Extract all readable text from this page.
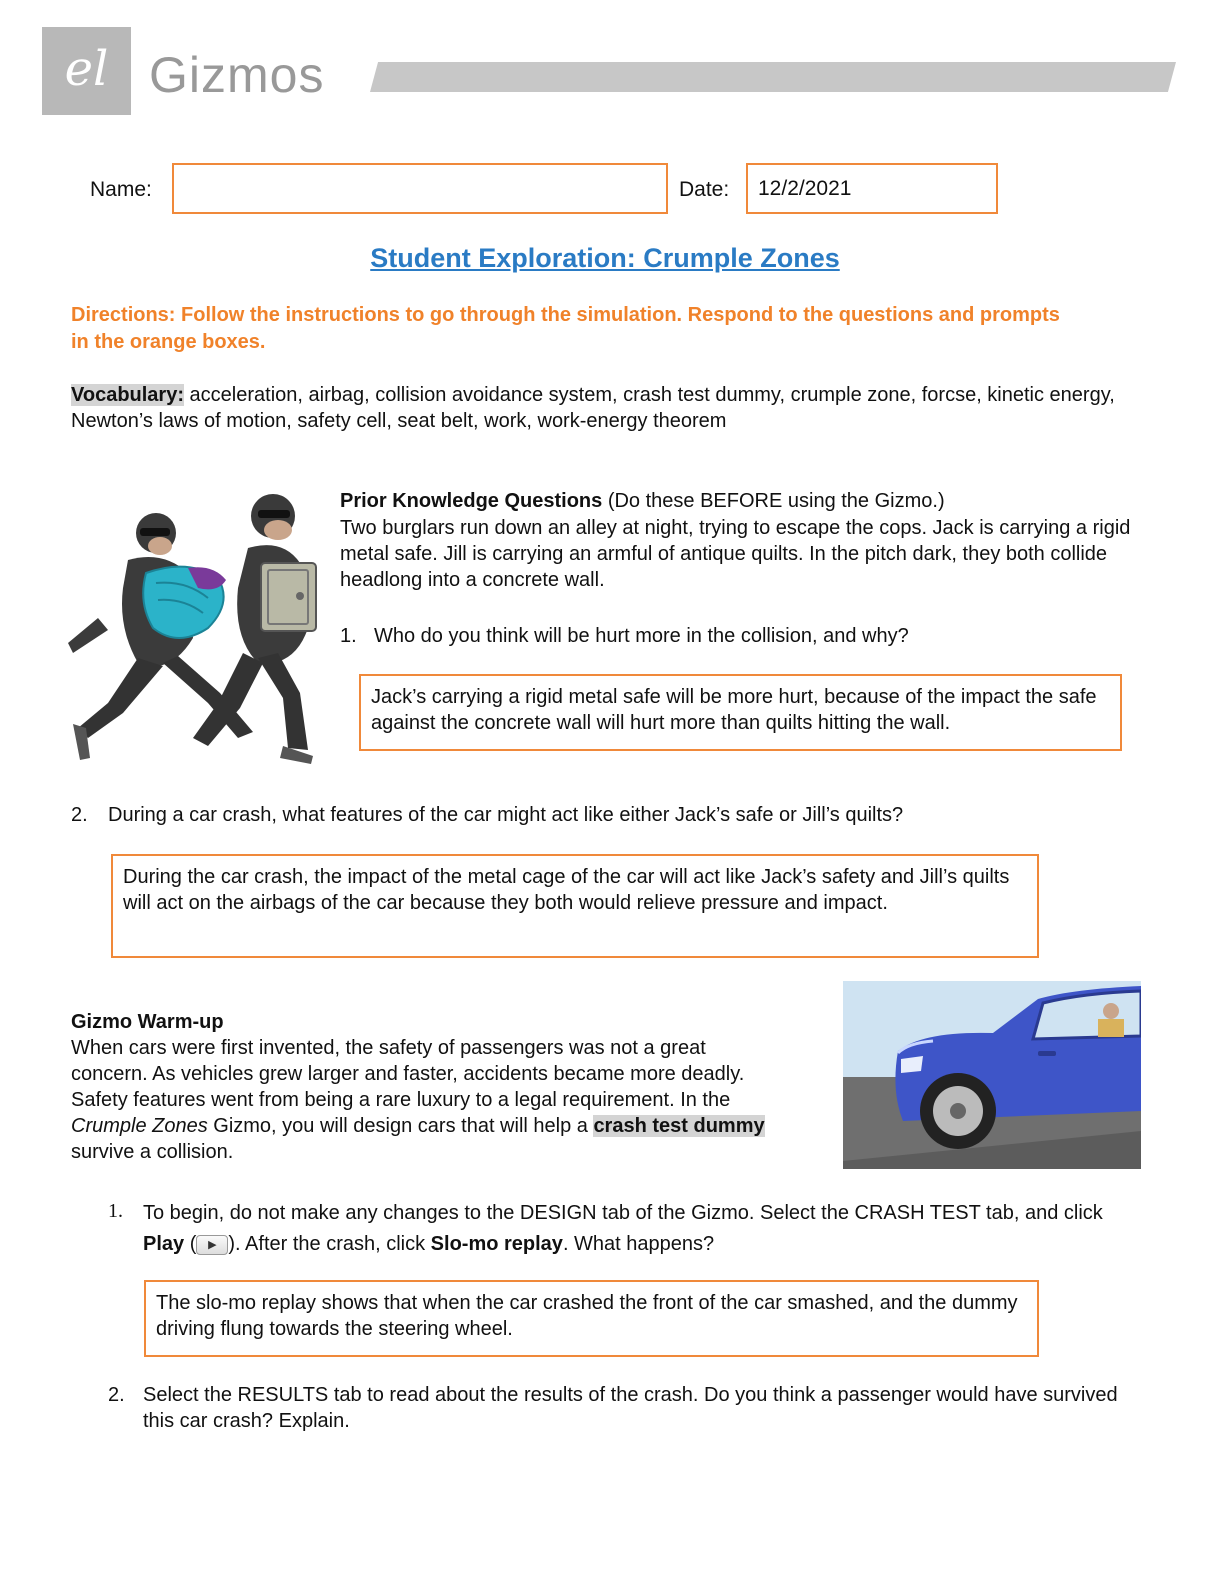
el Gizmos
Name:	Date:	12/2/2021
Student Exploration: Crumple Zones
Directions: Follow the instructions to go through the simulation. Respond to the questions and prompts in the orange boxes.
Vocabulary: acceleration, airbag, collision avoidance system, crash test dummy, crumple zone, forcse, kinetic energy, Newton’s laws of motion, safety cell, seat belt, work, work-energy theorem
Prior Knowledge Questions (Do these BEFORE using the Gizmo.)
Two burglars run down an alley at night, trying to escape the cops. Jack is carrying a rigid metal safe. Jill is carrying an armful of antique quilts. In the pitch dark, they both collide headlong into a concrete wall.
1. Who do you think will be hurt more in the collision, and why?
Jack’s carrying a rigid metal safe will be more hurt, because of the impact the safe against the concrete wall will hurt more than quilts hitting the wall.
2. During a car crash, what features of the car might act like either Jack’s safe or Jill’s quilts?
During the car crash, the impact of the metal cage of the car will act like Jack’s safety and Jill’s quilts will act on the airbags of the car because they both would relieve pressure and impact.
Gizmo Warm-up
When cars were first invented, the safety of passengers was not a great concern. As vehicles grew larger and faster, accidents became more deadly. Safety features went from being a rare luxury to a legal requirement. In the Crumple Zones Gizmo, you will design cars that will help a crash test dummy survive a collision.
1. To begin, do not make any changes to the DESIGN tab of the Gizmo. Select the CRASH TEST tab, and click Play ( ▶ ). After the crash, click Slo-mo replay. What happens?
The slo-mo replay shows that when the car crashed the front of the car smashed, and the dummy driving flung towards the steering wheel.
2. Select the RESULTS tab to read about the results of the crash. Do you think a passenger would have survived this car crash? Explain.
